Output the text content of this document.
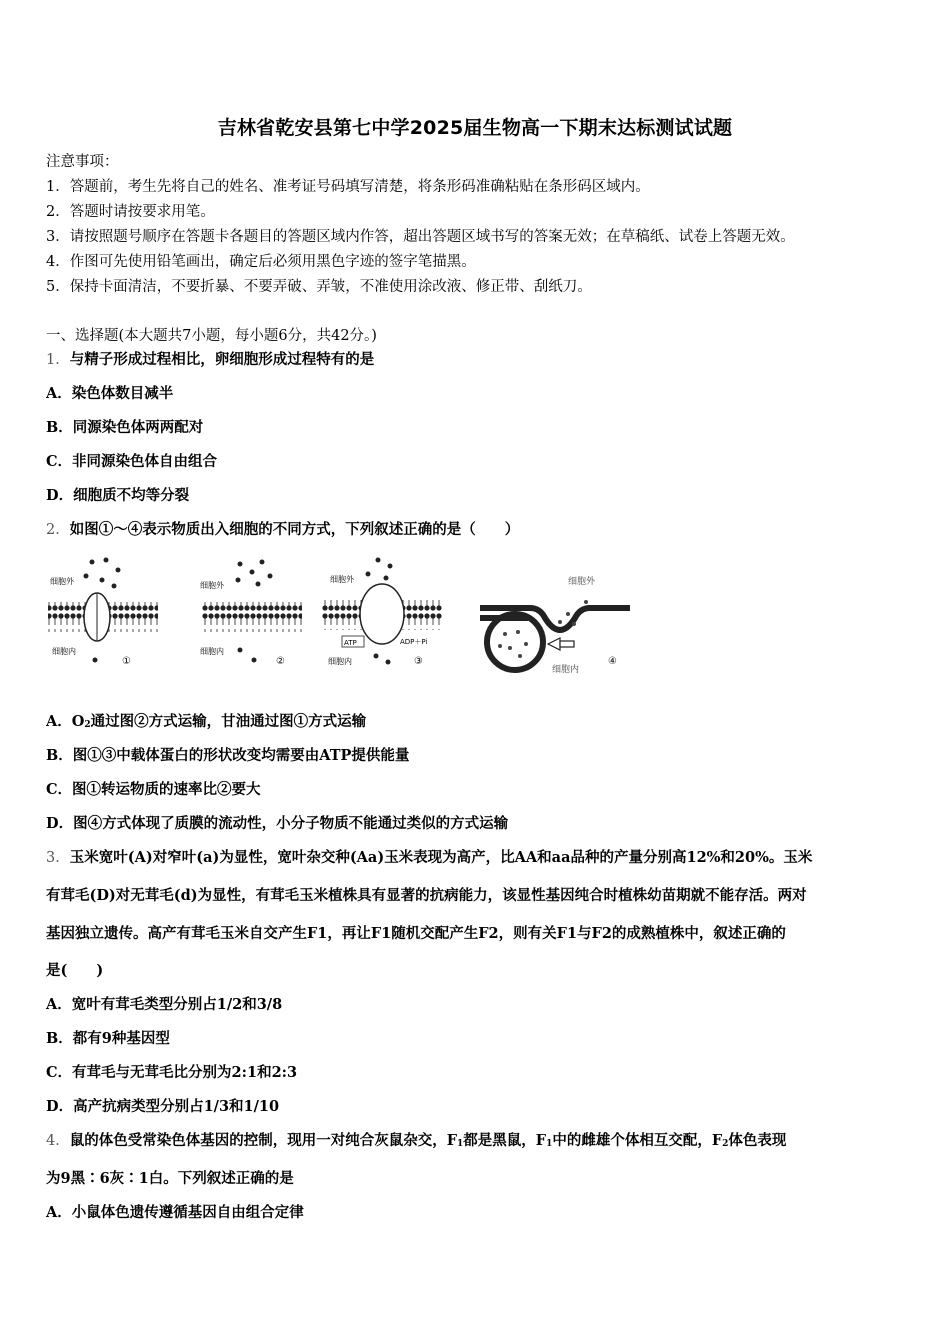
吉林省乾安县第七中学2025届生物高一下期末达标测试试题
注意事项：
1．答题前，考生先将自己的姓名、准考证号码填写清楚，将条形码准确粘贴在条形码区域内。
2．答题时请按要求用笔。
3．请按照题号顺序在答题卡各题目的答题区域内作答，超出答题区域书写的答案无效；在草稿纸、试卷上答题无效。
4．作图可先使用铅笔画出，确定后必须用黑色字迹的签字笔描黑。
5．保持卡面清洁，不要折暴、不要弄破、弄皱，不准使用涂改液、修正带、刮纸刀。
一、选择题(本大题共7小题，每小题6分，共42分。)
1．与精子形成过程相比，卵细胞形成过程特有的是
A．染色体数目减半
B．同源染色体两两配对
C．非同源染色体自由组合
D．细胞质不均等分裂
2．如图①～④表示物质出入细胞的不同方式，下列叙述正确的是（　　）
细胞外
细胞内
①
细胞外
细胞内
②
细胞外
ATP	ADP＋Pi
细胞内	③
细胞外
细胞内
④
A．$O_2$通过图②方式运输，甘油通过图①方式运输
B．图①③中载体蛋白的形状改变均需要由ATP提供能量
C．图①转运物质的速率比②要大
D．图④方式体现了质膜的流动性，小分子物质不能通过类似的方式运输
3．玉米宽叶(A)对窄叶(a)为显性，宽叶杂交种(Aa)玉米表现为高产，比AA和aa品种的产量分别高12%和20%。玉米
有茸毛(D)对无茸毛(d)为显性，有茸毛玉米植株具有显著的抗病能力，该显性基因纯合时植株幼苗期就不能存活。两对
基因独立遗传。高产有茸毛玉米自交产生F1，再让F1随机交配产生F2，则有关F1与F2的成熟植株中，叙述正确的
是(　　)
A．宽叶有茸毛类型分别占1/2和3/8
B．都有9种基因型
C．有茸毛与无茸毛比分别为2:1和2:3
D．高产抗病类型分别占1/3和1/10
4．鼠的体色受常染色体基因的控制，现用一对纯合灰鼠杂交，$F_1$都是黑鼠，$F_1$中的雌雄个体相互交配，$F_2$体色表现
为9黑∶6灰∶1白。下列叙述正确的是
A．小鼠体色遗传遵循基因自由组合定律
